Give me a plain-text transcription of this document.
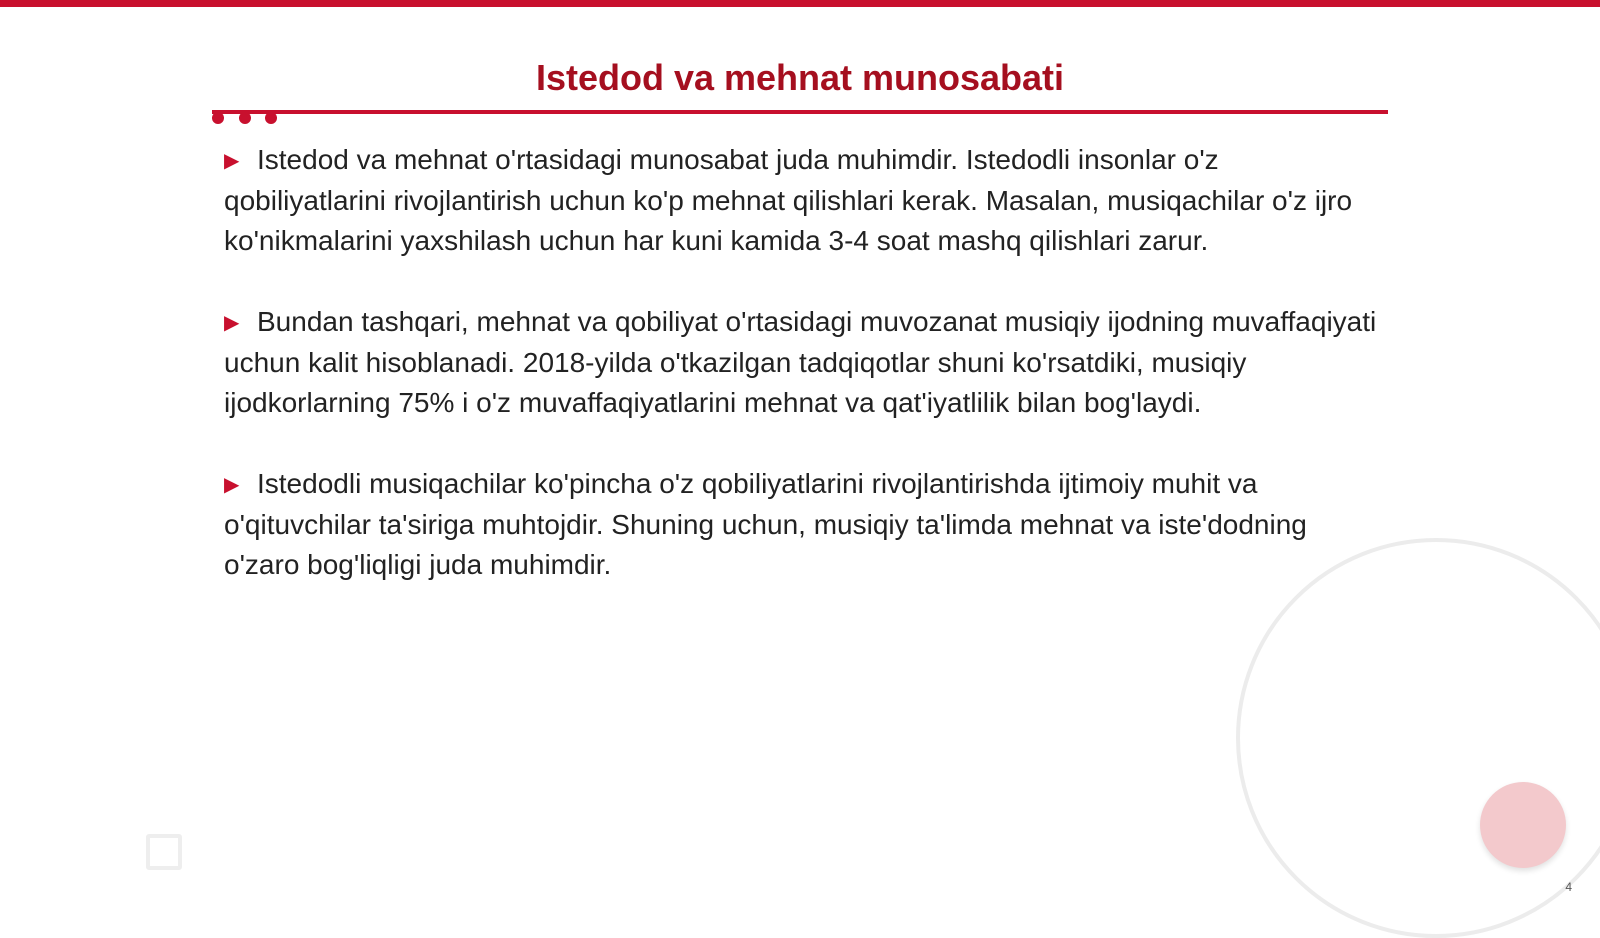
Istedod va mehnat munosabati
▶ Istedod va mehnat o'rtasidagi munosabat juda muhimdir. Istedodli insonlar o'z qobiliyatlarini rivojlantirish uchun ko'p mehnat qilishlari kerak. Masalan, musiqachilar o'z ijro ko'nikmalarini yaxshilash uchun har kuni kamida 3-4 soat mashq qilishlari zarur.
▶ Bundan tashqari, mehnat va qobiliyat o'rtasidagi muvozanat musiqiy ijodning muvaffaqiyati uchun kalit hisoblanadi. 2018-yilda o'tkazilgan tadqiqotlar shuni ko'rsatdiki, musiqiy ijodkorlarning 75% i o'z muvaffaqiyatlarini mehnat va qat'iyatlilik bilan bog'laydi.
▶ Istedodli musiqachilar ko'pincha o'z qobiliyatlarini rivojlantirishda ijtimoiy muhit va o'qituvchilar ta'siriga muhtojdir. Shuning uchun, musiqiy ta'limda mehnat va iste'dodning o'zaro bog'liqligi juda muhimdir.
4
